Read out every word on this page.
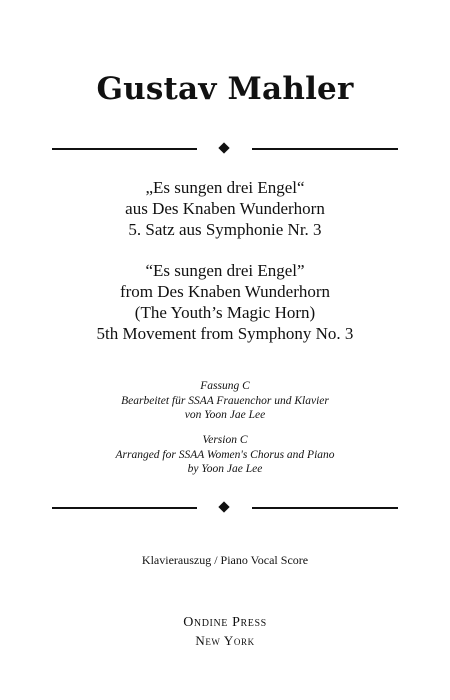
Gustav Mahler
„Es sungen drei Engel“
aus Des Knaben Wunderhorn
5. Satz aus Symphonie Nr. 3
“Es sungen drei Engel”
from Des Knaben Wunderhorn
(The Youth’s Magic Horn)
5th Movement from Symphony No. 3
Fassung C
Bearbeitet für SSAA Frauenchor und Klavier
von Yoon Jae Lee
Version C
Arranged for SSAA Women's Chorus and Piano
by Yoon Jae Lee
Klavierauszug / Piano Vocal Score
Ondine Press
New York
